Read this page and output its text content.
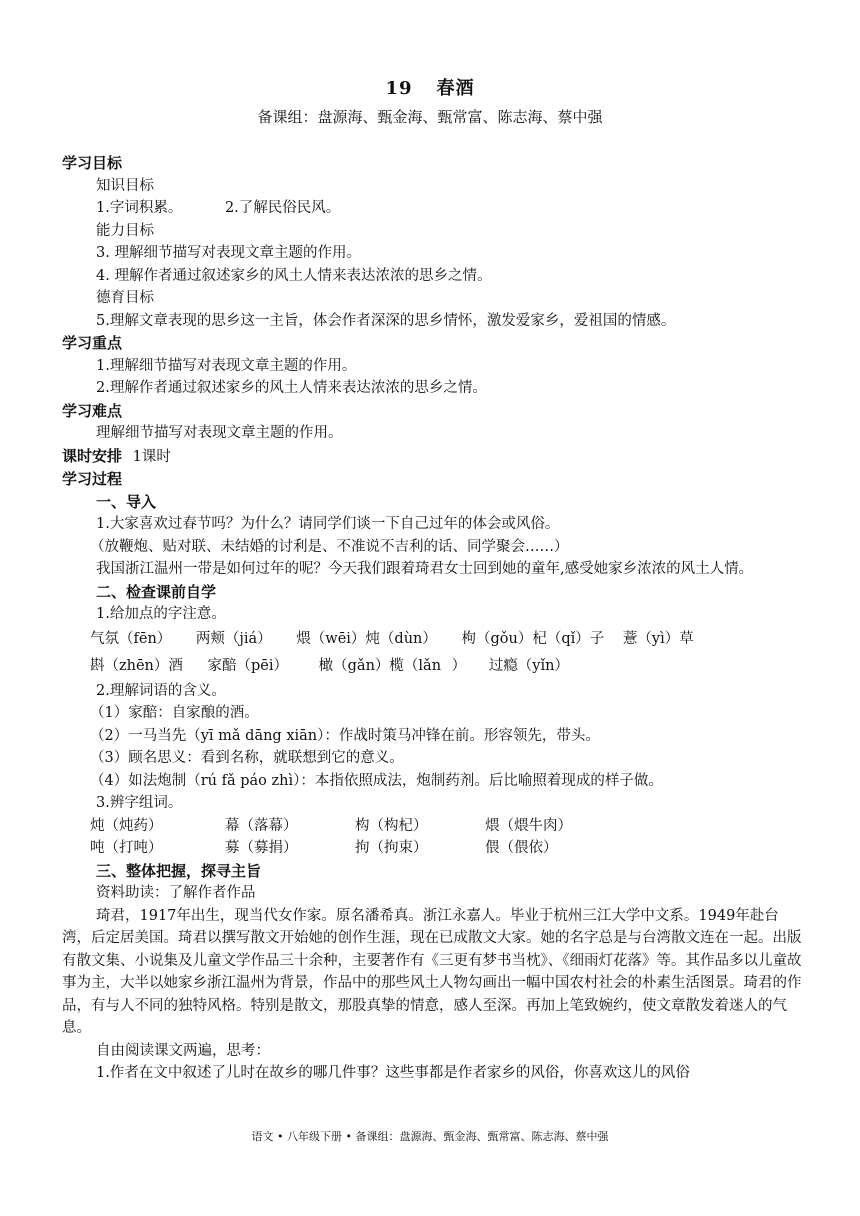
19 春酒
备课组：盘源海、甄金海、甄常富、陈志海、蔡中强
学习目标
知识目标
1.字词积累。	2.了解民俗民风。
能力目标
3. 理解细节描写对表现文章主题的作用。
4. 理解作者通过叙述家乡的风土人情来表达浓浓的思乡之情。
德育目标
5.理解文章表现的思乡这一主旨，体会作者深深的思乡情怀，激发爱家乡，爱祖国的情感。
学习重点
1.理解细节描写对表现文章主题的作用。
2.理解作者通过叙述家乡的风土人情来表达浓浓的思乡之情。
学习难点
理解细节描写对表现文章主题的作用。
课时安排 1课时
学习过程
一、导入
1.大家喜欢过春节吗？为什么？请同学们谈一下自己过年的体会或风俗。
（放鞭炮、贴对联、未结婚的讨利是、不准说不吉利的话、同学聚会……）
我国浙江温州一带是如何过年的呢？今天我们跟着琦君女士回到她的童年,感受她家乡浓浓的风土人情。
二、检查课前自学
1.给加点的字注意。
气氛（fēn） 两颊（jiá） 煨（wēi）炖（dùn） 枸（gǒu）杞（qǐ）子 薏（yì）草
斟（zhēn）酒 家醅（pēi） 橄（gǎn）榄（lǎn ） 过瘾（yǐn）
2.理解词语的含义。
（1）家醅：自家酿的酒。
（2）一马当先（yī mǎ dāng xiān）：作战时策马冲锋在前。形容领先，带头。
（3）顾名思义：看到名称，就联想到它的意义。
（4）如法炮制（rú fǎ páo zhì）：本指依照成法，炮制药剂。后比喻照着现成的样子做。
3.辨字组词。
炖（炖药）	幕（落幕）	构（构杞）	煨（煨牛肉）
吨（打吨）	募（募捐）	拘（拘束）	偎（偎依）
三、整体把握，探寻主旨
资料助读：了解作者作品
琦君，1917年出生，现当代女作家。原名潘希真。浙江永嘉人。毕业于杭州三江大学中文系。1949年赴台湾，后定居美国。琦君以撰写散文开始她的创作生涯，现在已成散文大家。她的名字总是与台湾散文连在一起。出版有散文集、小说集及儿童文学作品三十余种，主要著作有《三更有梦书当枕》、《细雨灯花落》等。其作品多以儿童故事为主，大半以她家乡浙江温州为背景，作品中的那些风土人物勾画出一幅中国农村社会的朴素生活图景。琦君的作品，有与人不同的独特风格。特别是散文，那股真挚的情意，感人至深。再加上笔致婉约，使文章散发着迷人的气息。
自由阅读课文两遍，思考：
1.作者在文中叙述了儿时在故乡的哪几件事？这些事都是作者家乡的风俗，你喜欢这儿的风俗
语文 • 八年级下册 • 备课组：盘源海、甄金海、甄常富、陈志海、蔡中强
